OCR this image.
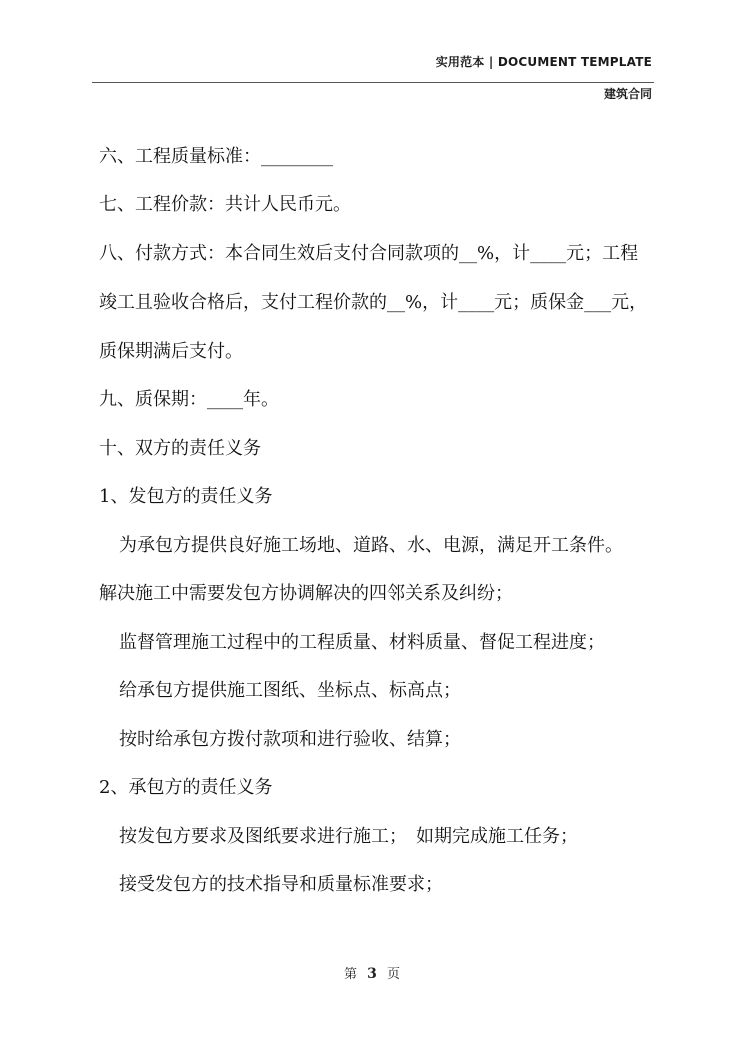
实用范本 | DOCUMENT TEMPLATE
建筑合同
六、工程质量标准：________
七、工程价款：共计人民币元。
八、付款方式：本合同生效后支付合同款项的__%，计____元；工程
竣工且验收合格后，支付工程价款的__%，计____元；质保金___元，
质保期满后支付。
九、质保期：____年。
十、双方的责任义务
1、发包方的责任义务
为承包方提供良好施工场地、道路、水、电源，满足开工条件。
解决施工中需要发包方协调解决的四邻关系及纠纷；
监督管理施工过程中的工程质量、材料质量、督促工程进度；
给承包方提供施工图纸、坐标点、标高点；
按时给承包方拨付款项和进行验收、结算；
2、承包方的责任义务
按发包方要求及图纸要求进行施工；　如期完成施工任务；
接受发包方的技术指导和质量标准要求；
第 3 页
